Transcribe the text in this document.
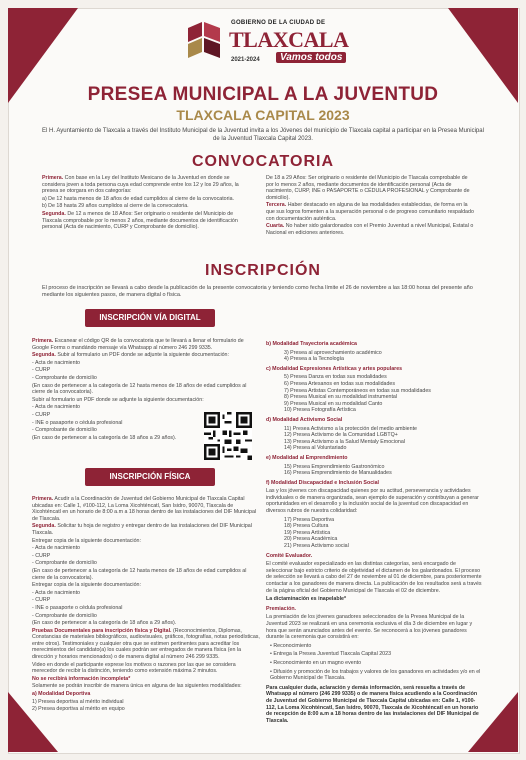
GOBIERNO DE LA CIUDAD DE
TLAXCALA
2021-2024	Vamos todos
PRESEA MUNICIPAL A LA JUVENTUD
TLAXCALA CAPITAL 2023
El H. Ayuntamiento de Tlaxcala a través del Instituto Municipal de la Juventud invita a los Jóvenes del municipio de Tlaxcala capital a participar en la Presea Municipal de la Juventud Tlaxcala Capital 2023.
CONVOCATORIA

Primera. Con base en la Ley del Instituto Mexicano de la Juventud en donde se considera joven a toda persona cuya edad comprende entre los 12 y los 29 años, la presea se otorgara en dos categorías:

a) De 12 hasta menos de 18 años de edad cumplidos al cierre de la convocatoria.

b) De 18 hasta 29 años cumplidos al cierre de la convocatoria.

Segunda. De 12 a menos de 18 Años: Ser originario o residente del Municipio de Tlaxcala comprobable por lo menos 2 años, mediante documentos de identificación personal (Acta de nacimiento, CURP y Comprobante de domicilio).

De 18 a 29 Años: Ser originario o residente del Municipio de Tlaxcala comprobable de por lo menos 2 años, mediante documentos de identificación personal (Acta de nacimiento, CURP, INE o PASAPORTE o CÉDULA PROFESIONAL y Comprobante de domicilio).

Tercera. Haber destacado en alguna de las modalidades establecidas, de forma en la que sus logros fomenten a la superación personal o de progreso comunitario respaldado con documentación auténtica.

Cuarta. No haber sido galardonados con el Premio Juventud a nivel Municipal, Estatal o Nacional en ediciones anteriores.

INSCRIPCIÓN
El proceso de inscripción se llevará a cabo desde la publicación de la presente convocatoria y teniendo como fecha límite el 26 de noviembre a las 18:00 horas del presente año mediante los siguientes pasos, de manera digital o física.
INSCRIPCIÓN VÍA DIGITAL

Primera. Escanear el código QR de la convocatoria que te llevará a llenar el formulario de Google Forms o mandándo mensaje vía Whatsapp al número 246 299 9335.

Segunda. Subir al formulario un PDF donde se adjunte la siguiente documentación:

- Acta de nacimiento

- CURP

- Comprobante de domicilio

(En caso de pertenecer a la categoría de 12 hasta menos de 18 años de edad cumplidos al cierre de la convocatoria).

Subir al formulario un PDF donde se adjunte la siguiente documentación:

- Acta de nacimiento

- CURP

- INE o pasaporte o cédula profesional

- Comprobante de domicilio

(En caso de pertenecer a la categoría de 18 años a 29 años).

INSCRIPCIÓN FÍSICA

Primera. Acudir a la Coordinación de Juventud del Gobierno Municipal de Tlaxcala Capital ubicadas en: Calle 1, #100-112, La Loma Xicohténcatl, San Isidro, 90070, Tlaxcala de Xicohténcatl en un horario de 8:00 a.m a 18 horas dentro de las instalaciones del DIF Municipal de Tlaxcala.

Segunda. Solicitar tu hoja de registro y entregar dentro de las instalaciones del DIF Municipal Tlaxcala.

Entregar copia de la siguiente documentación:

- Acta de nacimiento

- CURP

- Comprobante de domicilio

(En caso de pertenecer a la categoría de 12 hasta menos de 18 años de edad cumplidos al cierre de la convocatoria).

Entregar copia de la siguiente documentación:

- Acta de nacimiento

- CURP

- INE o pasaporte o cédula profesional

- Comprobante de domicilio

(En caso de pertenecer a la categoría de 18 años a 29 años).

Pruebas Documentales para inscripción física y Digital. (Reconocimientos, Diplomas, Constancias de materiales bibliográficos, audiovisuales, gráficos, fotografías, notas periodísticas, entre otros). Testimoniales y cualquier otra que se estimen pertinentes para acreditar los merecimientos del candidato(a) los cuales podrán ser entregados de manera física (en la dirección y horarios mencionados) o de manera digital al número 246 299 9335.

Video en donde el participante exprese los motivos o razones por las que se considera merecedor de recibir la distinción, teniendo como extensión máxima 2 minutos.

No se recibirá información incompleta*

Solamente se podrán inscribir de manera única en alguna de las siguientes modalidades:

a) Modalidad Deportiva

1) Presea deportiva al mérito individual

2) Presea deportiva al mérito en equipo

b) Modalidad Trayectoria académica

3) Presea al aprovechamiento académico

4) Presea a la Tecnología

c) Modalidad Expresiones Artísticas y artes populares

5) Presea Danza en todas sus modalidades

6) Presea Artesanos en todas sus modalidades

7) Presea Artistas Contemporáneos en todas sus modalidades

8) Presea Musical en su modalidad instrumental

9) Presea Musical en su modalidad Canto

10) Presea Fotografía Artística

d) Modalidad Activismo Social

11) Presea Activismo a la protección del medio ambiente

12) Presea Activismo de la Comunidad LGBTQ+

13) Presea Activismo a la Salud Mentaly Emocional

14) Presea al Voluntariado

e) Modalidad al Emprendimiento

15) Presea Emprendimiento Gastronómico

16) Presea Emprendimiento de Manualidades

f) Modalidad Discapacidad e Inclusión Social

Las y los jóvenes con discapacidad quienes por su actitud, perseverancia y actividades individuales o de manera organizada, sean ejemplo de superación y contribuyan a generar oportunidades en el desarrollo y la inclusión social de la juventud con discapacidad en diversos rubros de nuestra colidaridad:

17) Presea Deportiva

18) Presea Cultura

19) Presea Artística

20) Presea Académica

21) Presea Activismo social

Comité Evaluador.

El comité evaluador especializado en las distintas categorías, será encargado de seleccionar bajo estricto criterio de objetividad el dictamen de los galardonados. El proceso de selección se llevará a cabo del 27 de noviembre al 01 de diciembre, para posteriormente contactar a los ganadores de manera directa. La publicación de los resultados será a través de la página oficial del Gobierno Municipal de Tlaxcala el 02 de diciembre.

La dictaminación es inapelable*

Premiación.

La premiación de los jóvenes ganadores seleccionados de la Presea Municipal de la Juventud 2023 se realizará en una ceremonia exclusiva el día 3 de diciembre en lugar y hora que serán anunciados antes del evento. Se reconocerá a los jóvenes ganadores durante la ceremonia que consistirá en:

• Reconocimiento

• Entrega la Presea Juventud Tlaxcala Capital 2023

• Reconocimiento en un magno evento

• Difusión y promoción de los trabajos y valores de los ganadores en actividades y/o en el Gobierno Municipal de Tlaxcala.

Para cualquier duda, aclaración y demás información, será resuelta a través de Whatsapp al número (246 299 9335) o de manera física acudiendo a la Coordinación de Juventud del Gobierno Municipal de Tlaxcala Capital ubicadas en: Calle 1, #100-112, La Loma Xicohténcatl, San Isidro, 90070, Tlaxcala de Xicohténcatl en un horario de recepción de 8:00 a.m a 18 horas dentro de las instalaciones del DIF Municipal de Tlaxcala.
